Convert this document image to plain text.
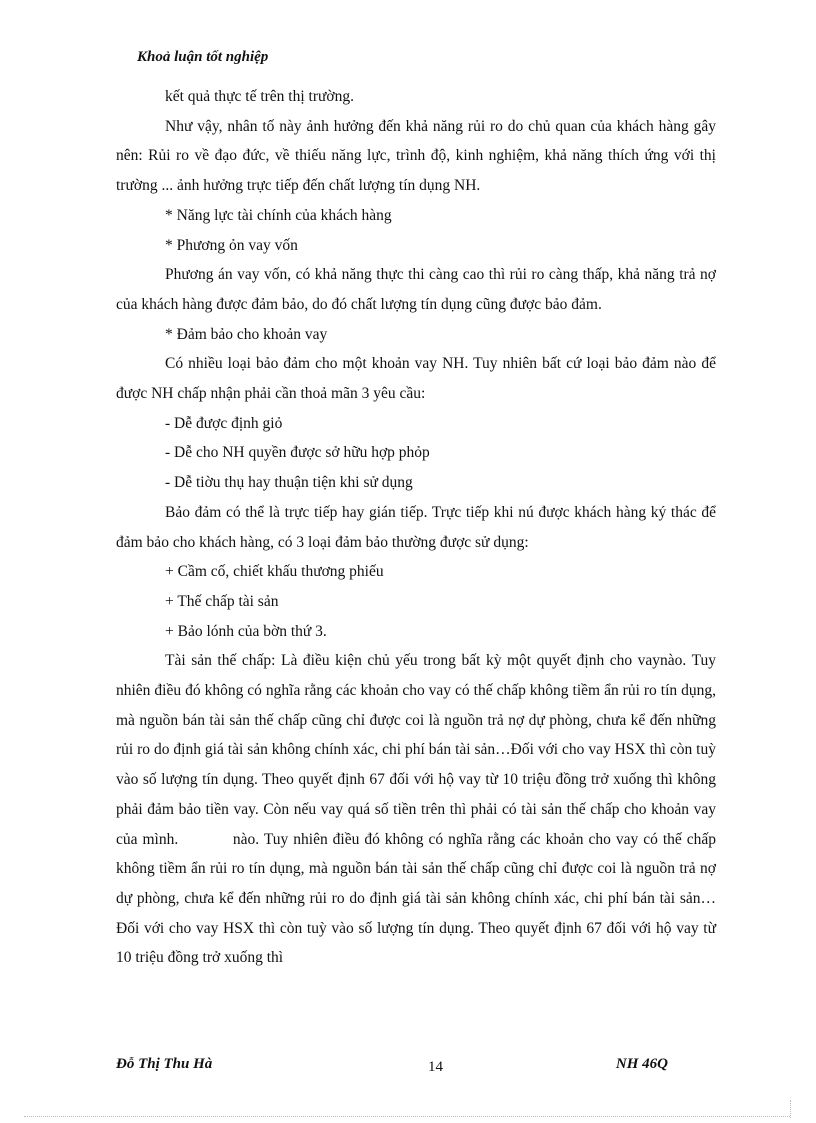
Khoả luận tốt nghiệp

kết quả thực tế trên thị trường.

Như vậy, nhân tố này ảnh hưởng đến khả năng rủi ro do chủ quan của khách hàng gây nên: Rủi ro về đạo đức, về thiếu năng lực, trình độ, kinh nghiệm, khả năng thích ứng với thị trường ... ảnh hưởng trực tiếp đến chất lượng tín dụng NH.

* Năng lực tài chính của khách hàng

* Phương ỏn vay vốn

Phương án vay vốn, có khả năng thực thi càng cao thì rủi ro càng thấp, khả năng trả nợ của khách hàng được đảm bảo, do đó chất lượng tín dụng cũng được bảo đảm.

* Đảm bảo cho khoản vay

Có nhiều loại bảo đảm cho một khoản vay NH. Tuy nhiên bất cứ loại bảo đảm nào để được NH chấp nhận phải cần thoả mãn 3 yêu cầu:

- Dễ được định giỏ

- Dễ cho NH quyền được sở hữu hợp phỏp

- Dễ tiờu thụ hay thuận tiện khi sử dụng

Bảo đảm có thể là trực tiếp hay gián tiếp. Trực tiếp khi nú được khách hàng ký thác để đảm bảo cho khách hàng, có 3 loại đảm bảo thường được sử dụng:

+ Cầm cố, chiết khấu thương phiếu

+ Thế chấp tài sản

+ Bảo lónh của bờn thứ 3.

Tài sản thế chấp: Là điều kiện chủ yếu trong bất kỳ một quyết định cho vaynào. Tuy nhiên điều đó không có nghĩa rằng các khoản cho vay có thế chấp không tiềm ẩn rủi ro tín dụng, mà nguồn bán tài sản thế chấp cũng chỉ được coi là nguồn trả nợ dự phòng, chưa kể đến những rủi ro do định giá tài sản không chính xác, chi phí bán tài sản…Đối với cho vay HSX thì còn tuỳ vào số lượng tín dụng. Theo quyết định 67 đối với hộ vay từ 10 triệu đồng trở xuống thì không phải đảm bảo tiền vay. Còn nếu vay quá số tiền trên thì phải có tài sản thế chấp cho khoản vay của mình.           nào. Tuy nhiên điều đó không có nghĩa rằng các khoản cho vay có thế chấp không tiềm ẩn rủi ro tín dụng, mà nguồn bán tài sản thế chấp cũng chỉ được coi là nguồn trả nợ dự phòng, chưa kể đến những rủi ro do định giá tài sản không chính xác, chi phí bán tài sản…Đối với cho vay HSX thì còn tuỳ vào số lượng tín dụng. Theo quyết định 67 đối với hộ vay từ 10 triệu đồng trở xuống thì

Đỗ Thị Thu Hà	14	NH 46Q
